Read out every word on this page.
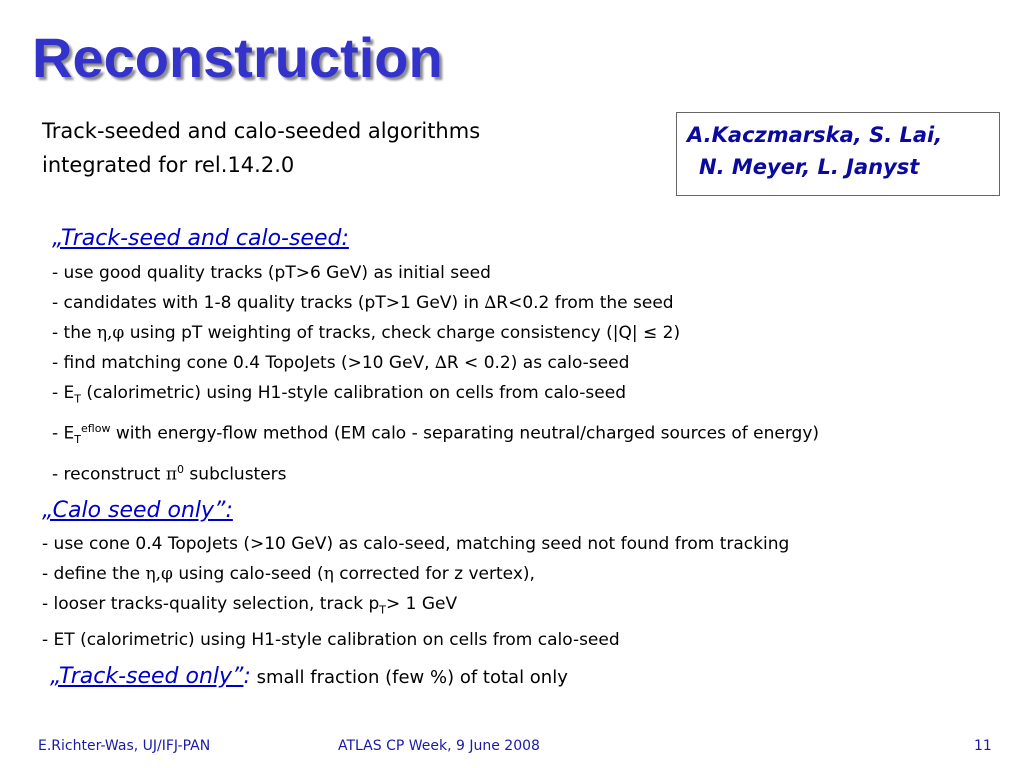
Reconstruction
Track-seeded and calo-seeded algorithms
integrated for rel.14.2.0
A.Kaczmarska, S. Lai,
N. Meyer, L. Janyst
„Track-seed and calo-seed:
- use good quality tracks (pT>6 GeV) as initial seed
- candidates with 1-8 quality tracks (pT>1 GeV) in ∆R<0.2 from the seed
- the η,φ using pT weighting of tracks, check charge consistency (|Q| ≤ 2)
- find matching cone 0.4 TopoJets (>10 GeV, ∆R < 0.2) as calo-seed
- $E_T$ (calorimetric) using H1-style calibration on cells from calo-seed
- $E_T^{eflow}$ with energy-flow method (EM calo - separating neutral/charged sources of energy)
- reconstruct $\pi^0$ subclusters
„Calo seed only”:
- use cone 0.4 TopoJets (>10 GeV) as calo-seed, matching seed not found from tracking
- define the η,φ using calo-seed (η corrected for z vertex),
- looser tracks-quality selection, track $p_T> 1$ GeV
- ET (calorimetric) using H1-style calibration on cells from calo-seed
„Track-seed only”: small fraction (few %) of total only
E.Richter-Was, UJ/IFJ-PAN	ATLAS CP Week, 9 June 2008	11
